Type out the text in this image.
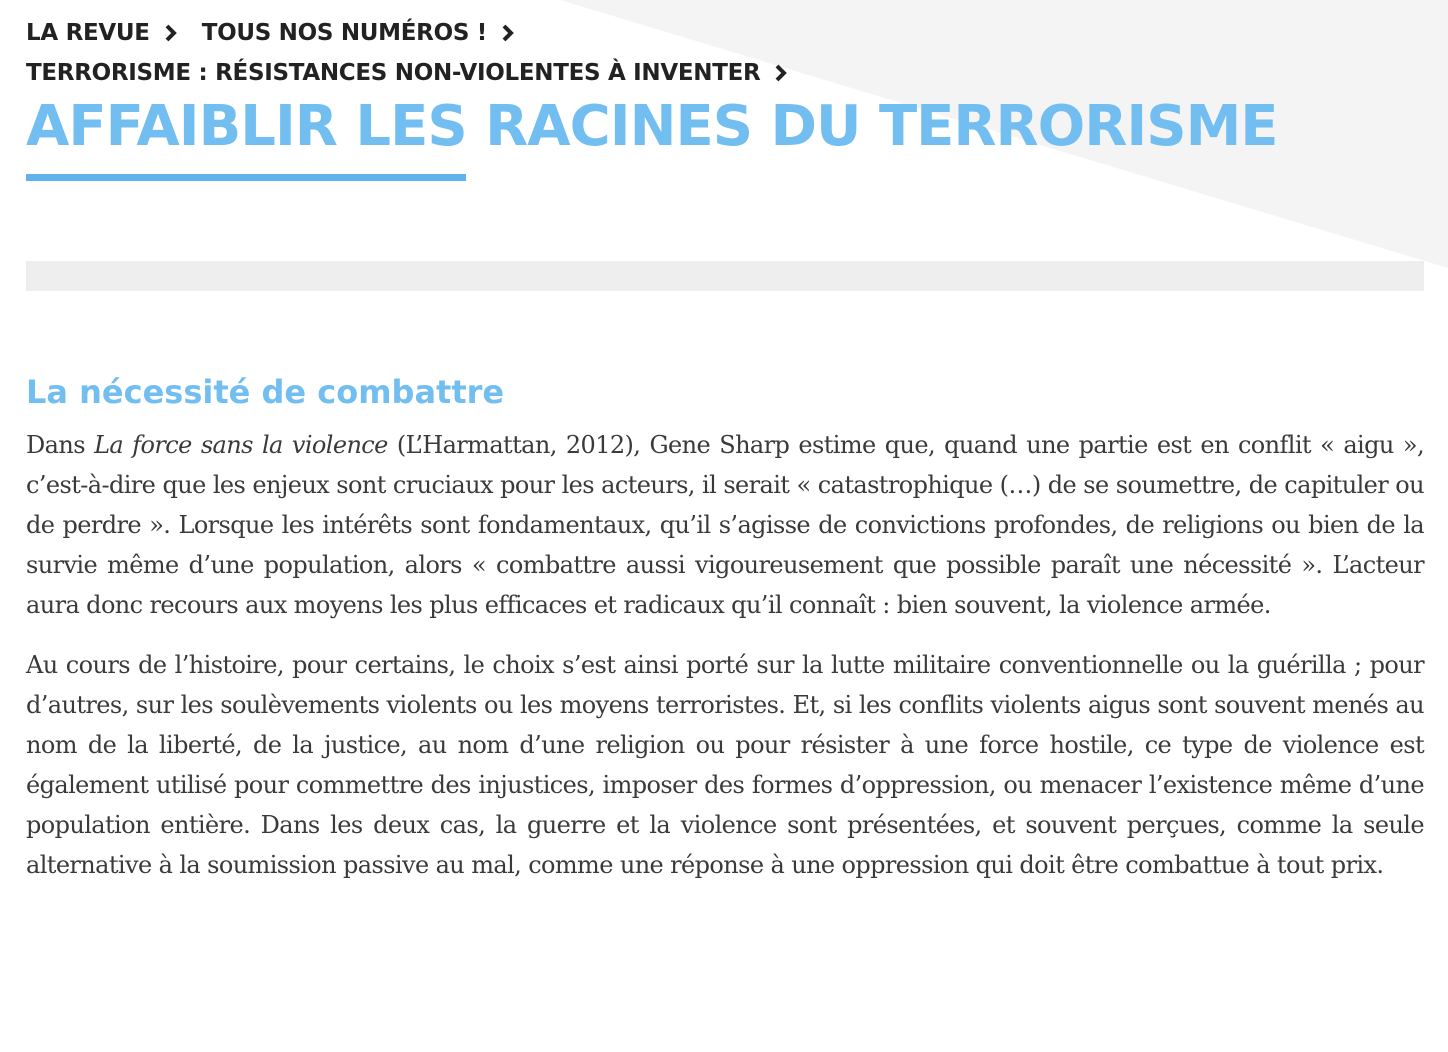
LA REVUE TOUS NOS NUMÉROS !
TERRORISME : RÉSISTANCES NON-VIOLENTES À INVENTER
AFFAIBLIR LES RACINES DU TERRORISME
La nécessité de combattre

Dans La force sans la violence (L’Harmattan, 2012), Gene Sharp estime que, quand une partie est en conflit « aigu », c’est-à-dire que les enjeux sont cruciaux pour les acteurs, il serait « catastrophique (…) de se soumettre, de capituler ou de perdre ». Lorsque les intérêts sont fondamentaux, qu’il s’agisse de convictions profondes, de religions ou bien de la survie même d’une population, alors « combattre aussi vigoureusement que possible paraît une nécessité ». L’acteur aura donc recours aux moyens les plus efficaces et radicaux qu’il connaît : bien souvent, la violence armée.

Au cours de l’histoire, pour certains, le choix s’est ainsi porté sur la lutte militaire conventionnelle ou la guérilla ; pour d’autres, sur les soulèvements violents ou les moyens terroristes. Et, si les conflits violents aigus sont souvent menés au nom de la liberté, de la justice, au nom d’une religion ou pour résister à une force hostile, ce type de violence est également utilisé pour commettre des injustices, imposer des formes d’oppression, ou menacer l’existence même d’une population entière. Dans les deux cas, la guerre et la violence sont présentées, et souvent perçues, comme la seule alternative à la soumission passive au mal, comme une réponse à une oppression qui doit être combattue à tout prix.
